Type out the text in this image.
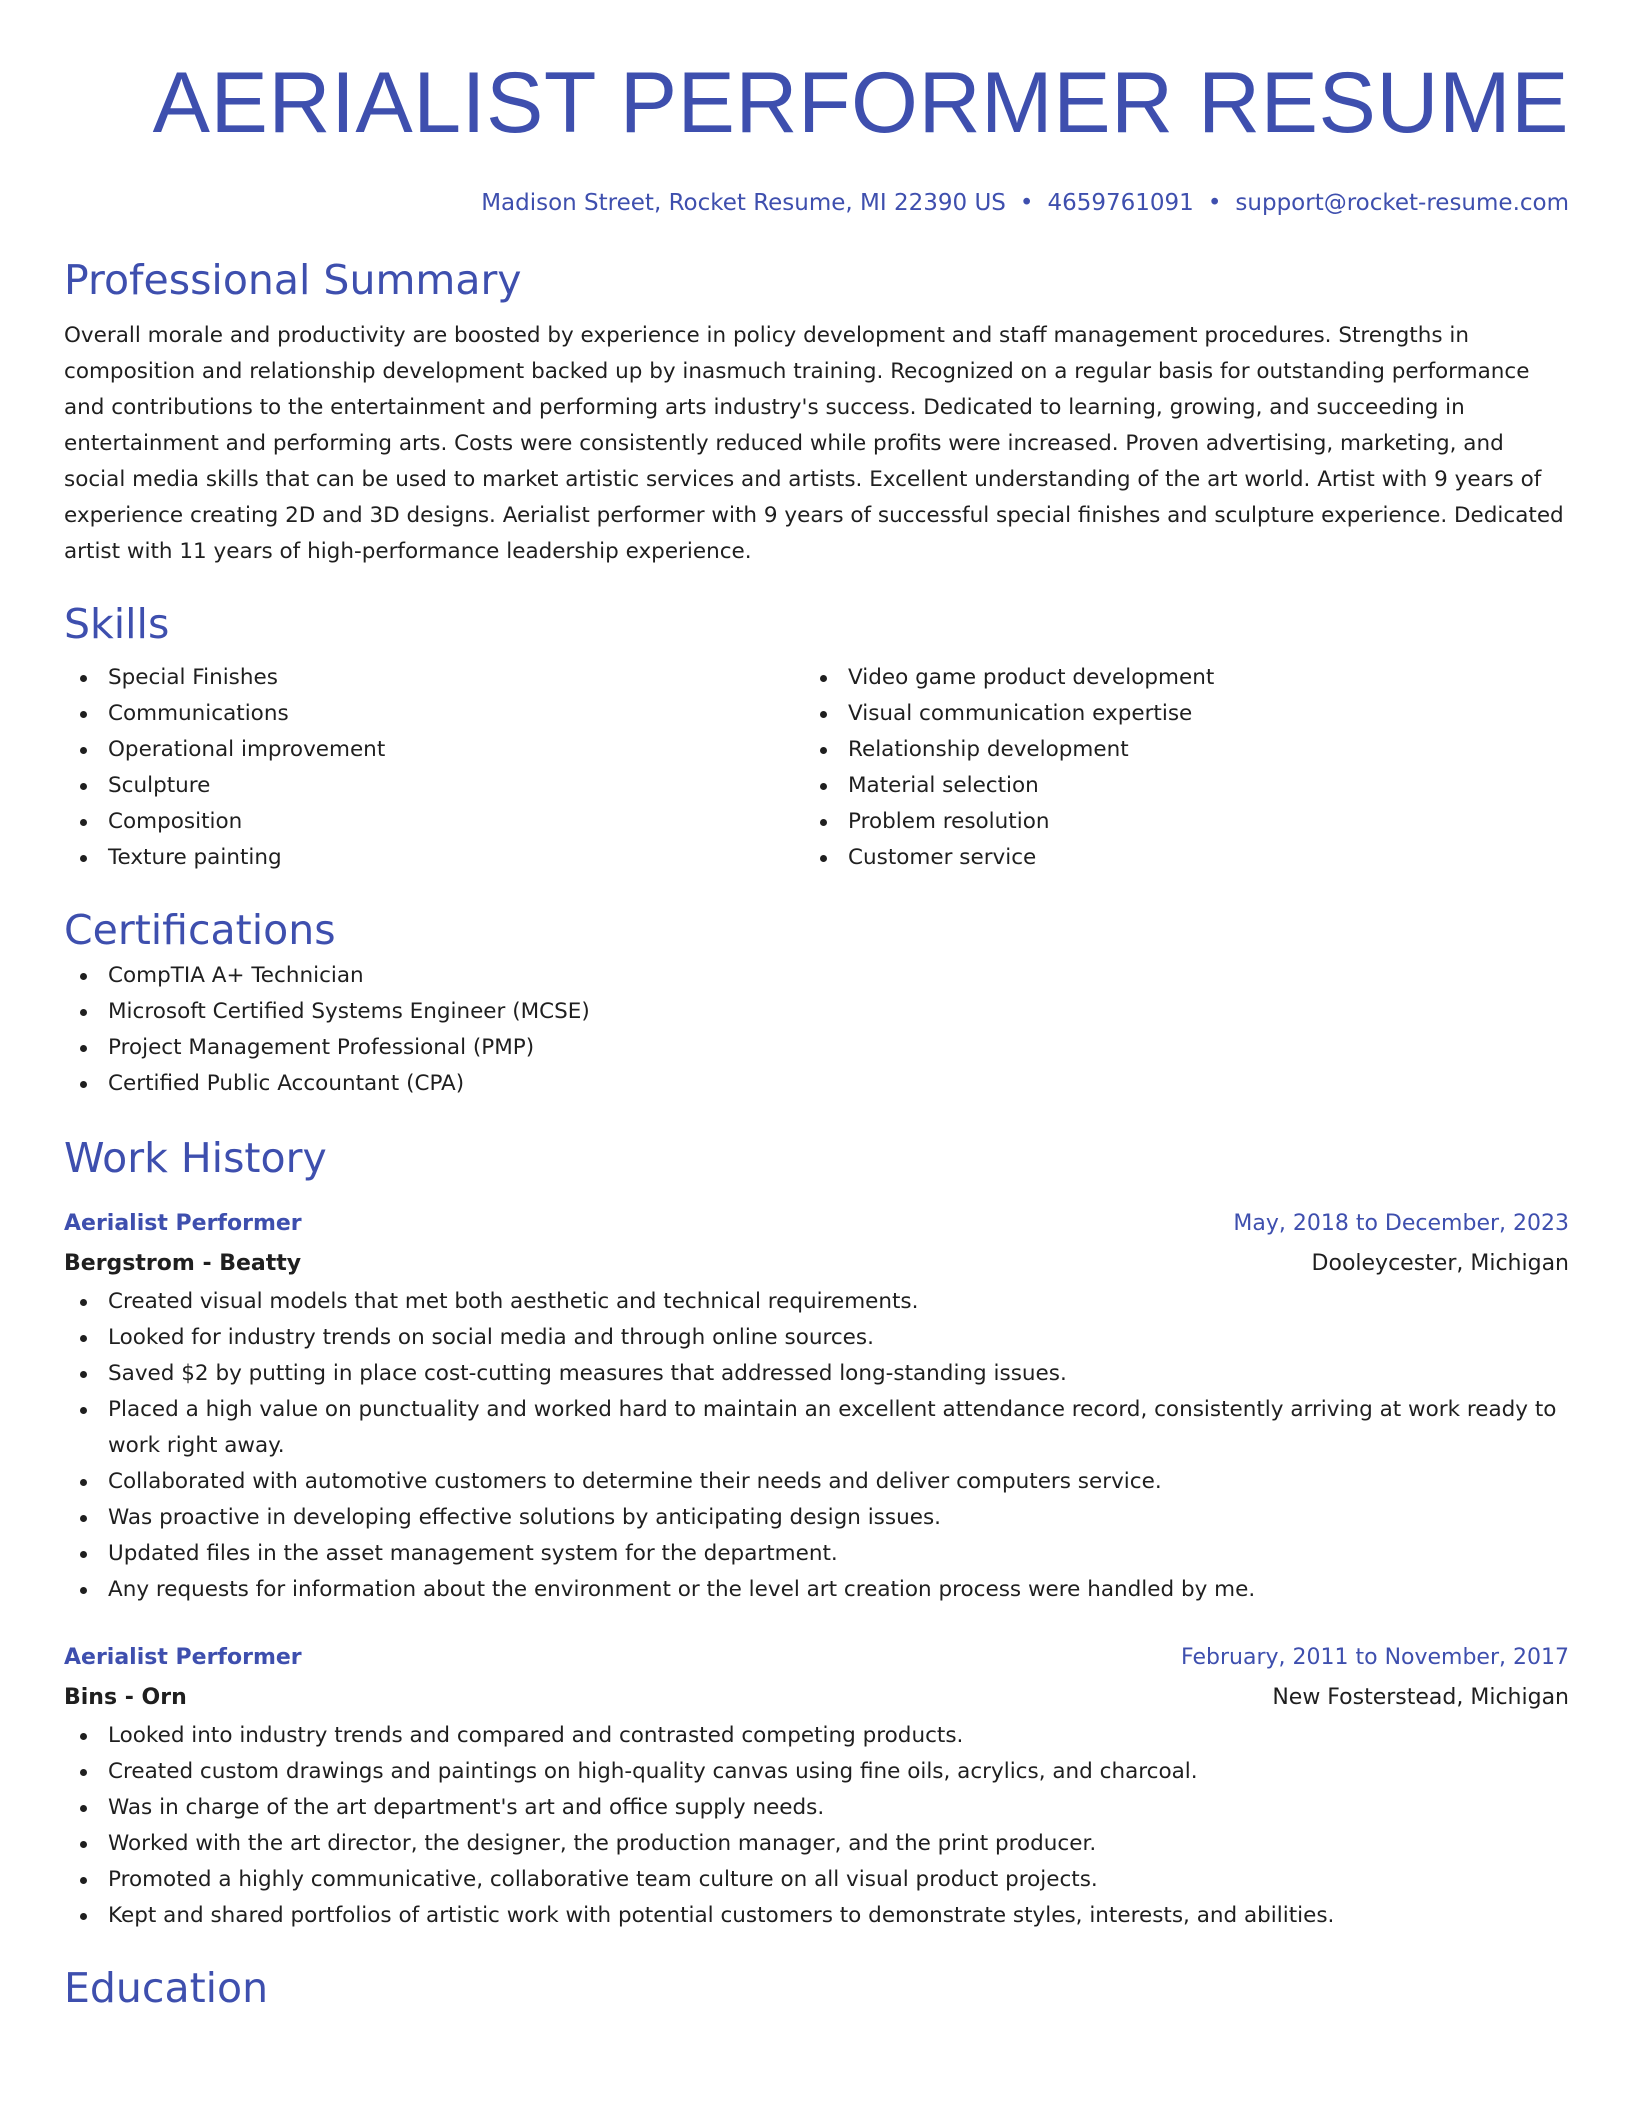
AERIALIST PERFORMER RESUME
Madison Street, Rocket Resume, MI 22390 US • 4659761091 • support@rocket-resume.com
Professional Summary

Overall morale and productivity are boosted by experience in policy development and staff management procedures. Strengths in composition and relationship development backed up by inasmuch training. Recognized on a regular basis for outstanding performance and contributions to the entertainment and performing arts industry's success. Dedicated to learning, growing, and succeeding in entertainment and performing arts. Costs were consistently reduced while profits were increased. Proven advertising, marketing, and social media skills that can be used to market artistic services and artists. Excellent understanding of the art world. Artist with 9 years of experience creating 2D and 3D designs. Aerialist performer with 9 years of successful special finishes and sculpture experience. Dedicated artist with 11 years of high-performance leadership experience.

Skills
Special Finishes
Communications
Operational improvement
Sculpture
Composition
Texture painting
Video game product development
Visual communication expertise
Relationship development
Material selection
Problem resolution
Customer service
Certifications
CompTIA A+ Technician
Microsoft Certified Systems Engineer (MCSE)
Project Management Professional (PMP)
Certified Public Accountant (CPA)
Work History
Aerialist Performer	May, 2018 to December, 2023
Bergstrom - Beatty	Dooleycester, Michigan
Created visual models that met both aesthetic and technical requirements.
Looked for industry trends on social media and through online sources.
Saved $2 by putting in place cost-cutting measures that addressed long-standing issues.
Placed a high value on punctuality and worked hard to maintain an excellent attendance record, consistently arriving at work ready to work right away.
Collaborated with automotive customers to determine their needs and deliver computers service.
Was proactive in developing effective solutions by anticipating design issues.
Updated files in the asset management system for the department.
Any requests for information about the environment or the level art creation process were handled by me.
Aerialist Performer	February, 2011 to November, 2017
Bins - Orn	New Fosterstead, Michigan
Looked into industry trends and compared and contrasted competing products.
Created custom drawings and paintings on high-quality canvas using fine oils, acrylics, and charcoal.
Was in charge of the art department's art and office supply needs.
Worked with the art director, the designer, the production manager, and the print producer.
Promoted a highly communicative, collaborative team culture on all visual product projects.
Kept and shared portfolios of artistic work with potential customers to demonstrate styles, interests, and abilities.
Education
